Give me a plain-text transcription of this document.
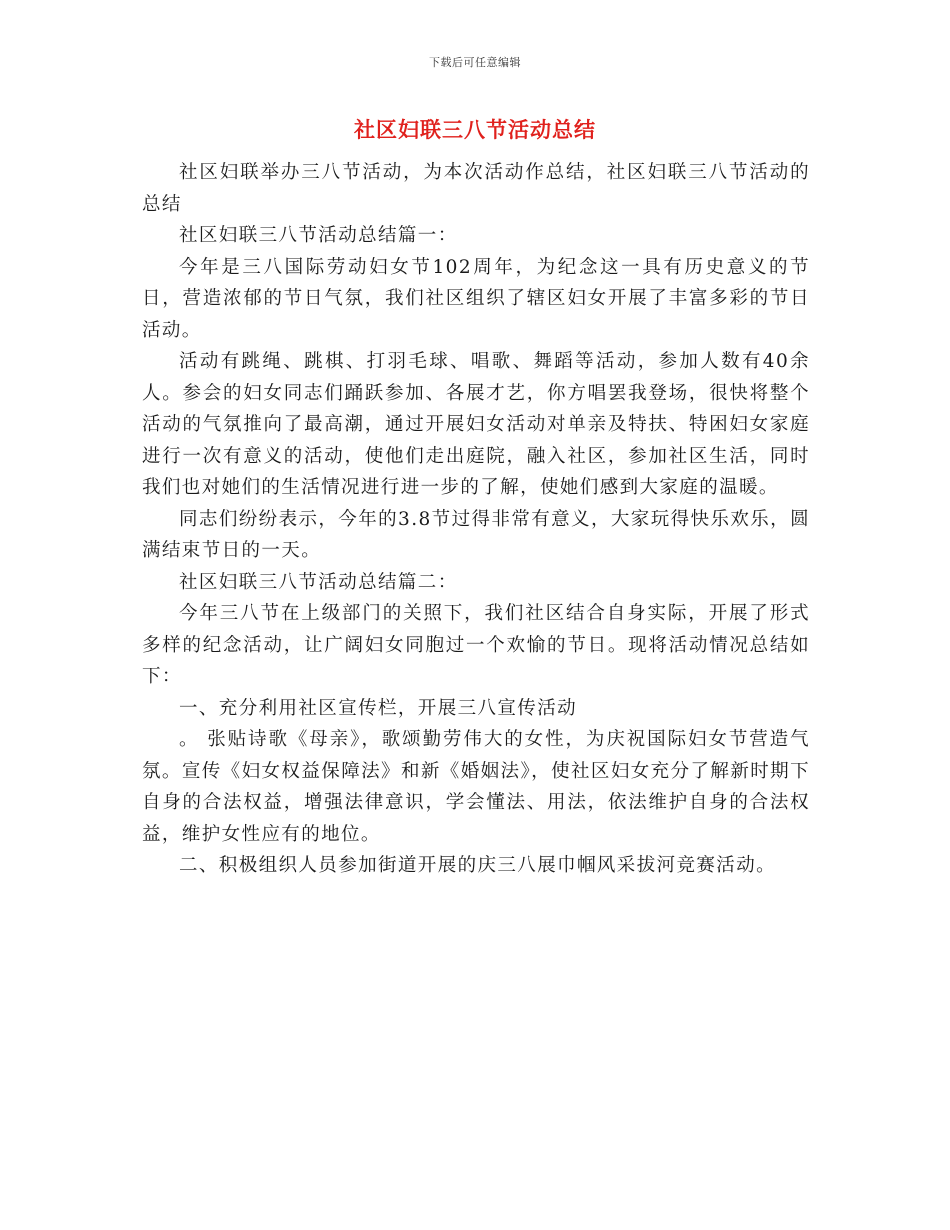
下载后可任意编辑
社区妇联三八节活动总结

社区妇联举办三八节活动，为本次活动作总结，社区妇联三八节活动的总结

社区妇联三八节活动总结篇一：

今年是三八国际劳动妇女节102周年，为纪念这一具有历史意义的节日，营造浓郁的节日气氛，我们社区组织了辖区妇女开展了丰富多彩的节日活动。

活动有跳绳、跳棋、打羽毛球、唱歌、舞蹈等活动，参加人数有40余人。参会的妇女同志们踊跃参加、各展才艺，你方唱罢我登场，很快将整个活动的气氛推向了最高潮，通过开展妇女活动对单亲及特扶、特困妇女家庭进行一次有意义的活动，使他们走出庭院，融入社区，参加社区生活，同时我们也对她们的生活情况进行进一步的了解，使她们感到大家庭的温暖。

同志们纷纷表示，今年的3.8节过得非常有意义，大家玩得快乐欢乐，圆满结束节日的一天。

社区妇联三八节活动总结篇二：

今年三八节在上级部门的关照下，我们社区结合自身实际，开展了形式多样的纪念活动，让广阔妇女同胞过一个欢愉的节日。现将活动情况总结如下：

一、充分利用社区宣传栏，开展三八宣传活动

。 张贴诗歌《母亲》，歌颂勤劳伟大的女性，为庆祝国际妇女节营造气氛。宣传《妇女权益保障法》和新《婚姻法》，使社区妇女充分了解新时期下自身的合法权益，增强法律意识，学会懂法、用法，依法维护自身的合法权益，维护女性应有的地位。

二、积极组织人员参加街道开展的庆三八展巾帼风采拔河竞赛活动。
